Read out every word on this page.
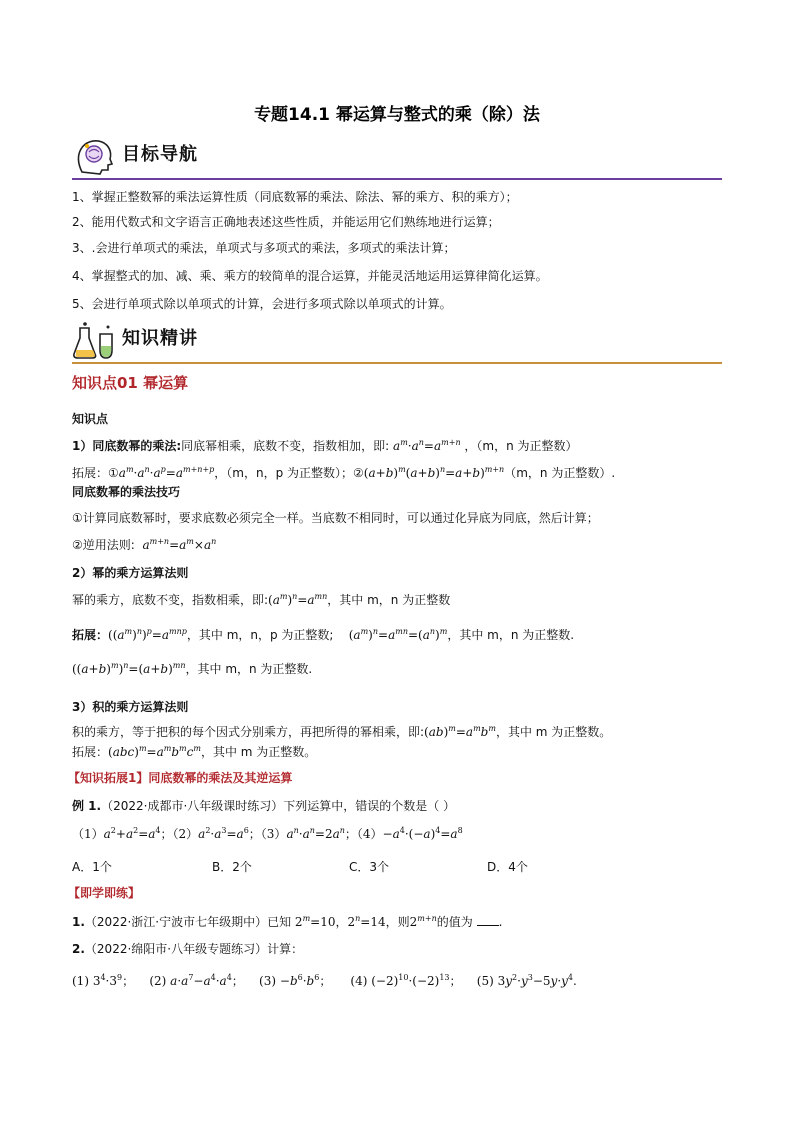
专题14.1 幂运算与整式的乘（除）法
目标导航
1、掌握正整数幂的乘法运算性质（同底数幂的乘法、除法、幂的乘方、积的乘方）；
2、能用代数式和文字语言正确地表述这些性质，并能运用它们熟练地进行运算；
3、.会进行单项式的乘法，单项式与多项式的乘法，多项式的乘法计算；
4、掌握整式的加、减、乘、乘方的较简单的混合运算，并能灵活地运用运算律简化运算。
5、会进行单项式除以单项式的计算，会进行多项式除以单项式的计算。
知识精讲
知识点01 幂运算
知识点
1）同底数幂的乘法:同底幂相乘，底数不变，指数相加，即: $a^m\cdot a^n=a^{m+n}$ ，（m，n 为正整数）
拓展：$①a^m\cdot a^n\cdot a^p=a^{m+n+p}$，（m，n，p 为正整数）；$②(a+b)^m(a+b)^n=a+b)^{m+n}(m$，n 为正整数）.
同底数幂的乘法技巧
①计算同底数幂时，要求底数必须完全一样。当底数不相同时，可以通过化异底为同底，然后计算；
②逆用法则: $a^{m+n}=a^m\times a^n$
2）幂的乘方运算法则
幂的乘方，底数不变，指数相乘，即$:(a^m)^n=a^{mn}$，其中 m，n 为正整数
拓展：$((a^m)^n)^p=a^{mnp}$，其中 m，n，p 为正整数; $(a^m)^n=a^{mn}=(a^n)^m$，其中 m，n 为正整数.
$((a+b)^m)^n=(a+b)^{mn}$，其中 m，n 为正整数.
3）积的乘方运算法则
积的乘方，等于把积的每个因式分别乘方，再把所得的幂相乘，即$:(ab)^m=a^mb^m$，其中 m 为正整数。
拓展：$(abc)^m=a^mb^mc^m$，其中 m 为正整数。
【知识拓展1】同底数幂的乘法及其逆运算
例 1.（2022·成都市·八年级课时练习）下列运算中，错误的个数是（ ）
$(1)a^2+a^2=a^4$；$(2)a^2\cdot a^3=a^6$；$(3)a^n\cdot a^n=2a^n$；$(4)-a^4\cdot(-a)^4=a^8$
A．1个	B．2个	C．3个	D．4个
【即学即练】
1.（2022·浙江·宁波市七年级期中）已知 $2^m=10$，$2^n=14$，则$2^{m+n}$的值为 .
2.（2022·绵阳市·八年级专题练习）计算：
(1) $3^4\cdot 3^9$；    (2) $a\cdot a^7-a^4\cdot a^4$；    $(3) -b^6\cdot b^6$；     (4) $(-2)^{10}\cdot(-2)^{13}$；    (5) $3y^2\cdot y^3-5y\cdot y^4$.
